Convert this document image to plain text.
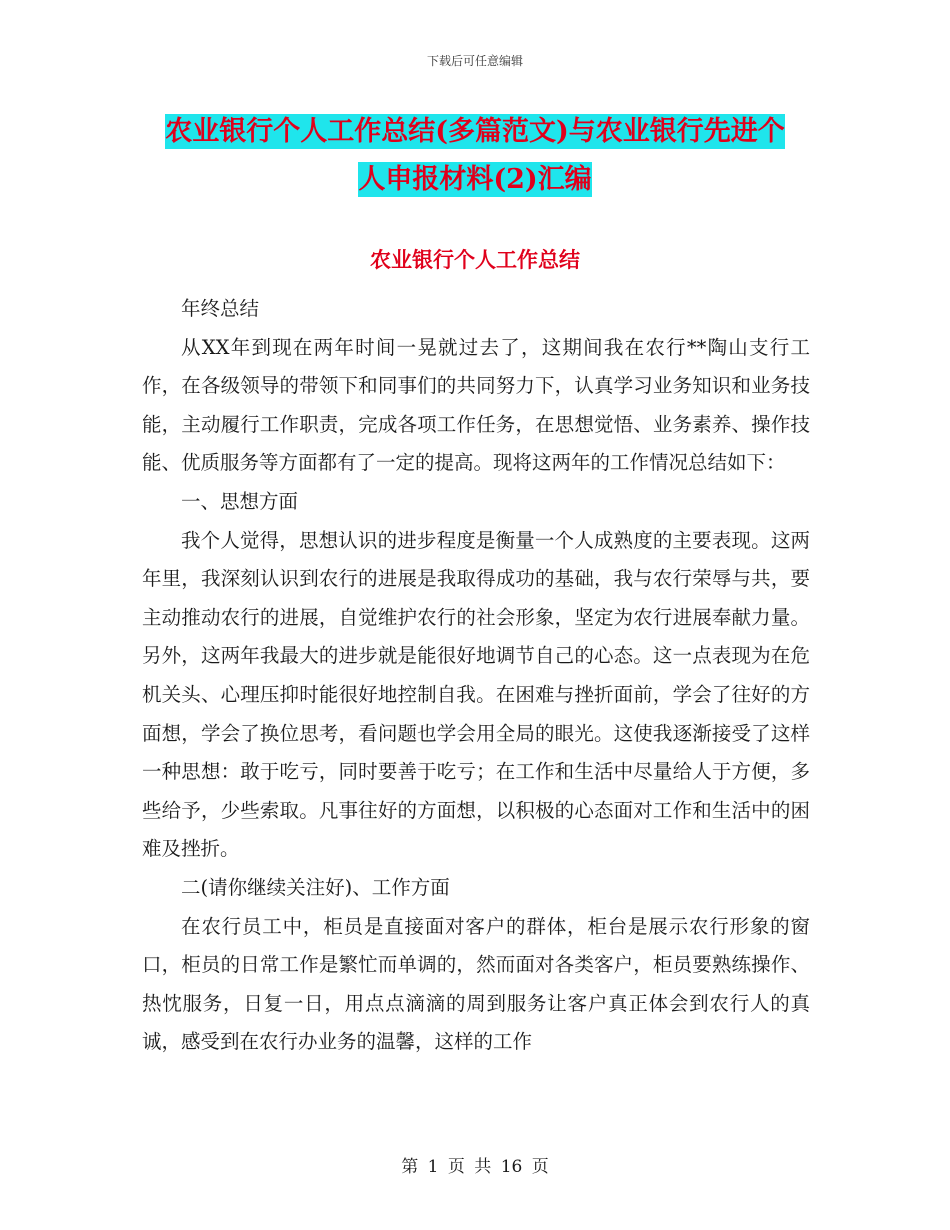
下载后可任意编辑
农业银行个人工作总结(多篇范文)与农业银行先进个
人申报材料(2)汇编
农业银行个人工作总结

年终总结

从XX年到现在两年时间一晃就过去了，这期间我在农行**陶山支行工作，在各级领导的带领下和同事们的共同努力下，认真学习业务知识和业务技能，主动履行工作职责，完成各项工作任务，在思想觉悟、业务素养、操作技能、优质服务等方面都有了一定的提高。现将这两年的工作情况总结如下：

一、思想方面

我个人觉得，思想认识的进步程度是衡量一个人成熟度的主要表现。这两年里，我深刻认识到农行的进展是我取得成功的基础，我与农行荣辱与共，要主动推动农行的进展，自觉维护农行的社会形象，坚定为农行进展奉献力量。另外，这两年我最大的进步就是能很好地调节自己的心态。这一点表现为在危机关头、心理压抑时能很好地控制自我。在困难与挫折面前，学会了往好的方面想，学会了换位思考，看问题也学会用全局的眼光。这使我逐渐接受了这样一种思想：敢于吃亏，同时要善于吃亏；在工作和生活中尽量给人于方便，多些给予，少些索取。凡事往好的方面想，以积极的心态面对工作和生活中的困难及挫折。

二(请你继续关注好)、工作方面

在农行员工中，柜员是直接面对客户的群体，柜台是展示农行形象的窗口，柜员的日常工作是繁忙而单调的，然而面对各类客户，柜员要熟练操作、热忱服务，日复一日，用点点滴滴的周到服务让客户真正体会到农行人的真诚，感受到在农行办业务的温馨，这样的工作

第 1 页 共 16 页
